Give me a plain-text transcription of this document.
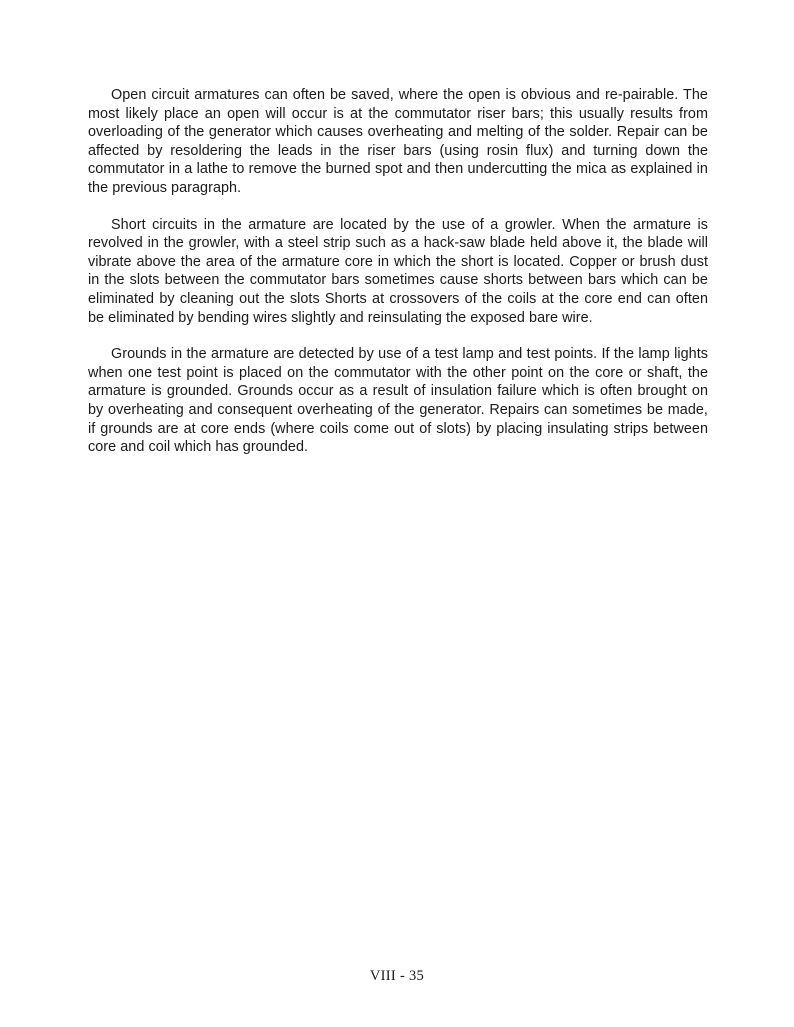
Open circuit armatures can often be saved, where the open is obvious and re-pairable. The most likely place an open will occur is at the commutator riser bars; this usually results from overloading of the generator which causes overheating and melting of the solder. Repair can be affected by resoldering the leads in the riser bars (using rosin flux) and turning down the commutator in a lathe to remove the burned spot and then undercutting the mica as explained in the previous paragraph.

Short circuits in the armature are located by the use of a growler. When the armature is revolved in the growler, with a steel strip such as a hack-saw blade held above it, the blade will vibrate above the area of the armature core in which the short is located. Copper or brush dust in the slots between the commutator bars sometimes cause shorts between bars which can be eliminated by cleaning out the slots Shorts at crossovers of the coils at the core end can often be eliminated by bending wires slightly and reinsulating the exposed bare wire.

Grounds in the armature are detected by use of a test lamp and test points. If the lamp lights when one test point is placed on the commutator with the other point on the core or shaft, the armature is grounded. Grounds occur as a result of insulation failure which is often brought on by overheating and consequent overheating of the generator. Repairs can sometimes be made, if grounds are at core ends (where coils come out of slots) by placing insulating strips between core and coil which has grounded.

VIII - 35
